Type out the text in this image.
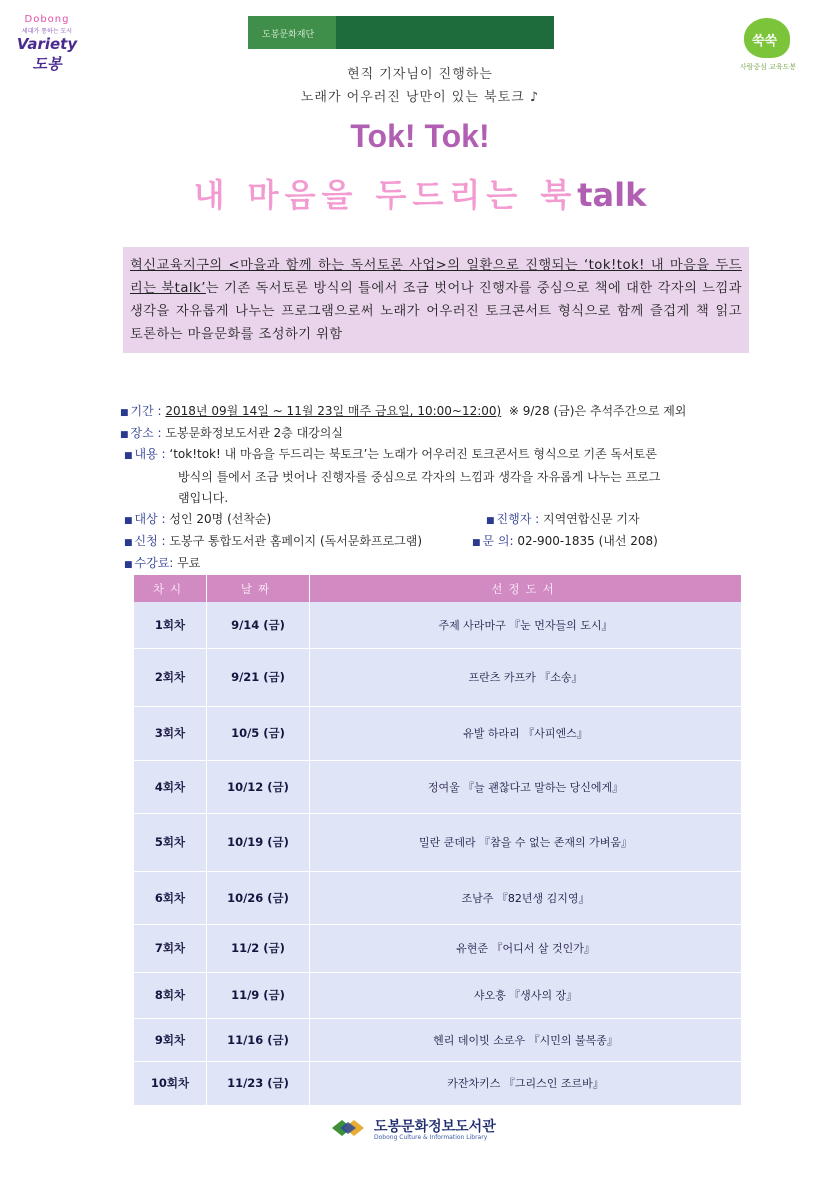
Dobong
세대가 통하는 도시
Variety 도봉
도봉문화재단	쑥쑥
사람중심 교육도봉
현직 기자님이 진행하는
노래가 어우러진 낭만이 있는 북토크 ♪
Tok! Tok!
내 마음을 두드리는 북talk
혁신교육지구의 <마을과 함께 하는 독서토론 사업>의 일환으로 진행되는 ‘tok!tok! 내 마음을 두드리는 북talk’는 기존 독서토론 방식의 틀에서 조금 벗어나 진행자를 중심으로 책에 대한 각자의 느낌과 생각을 자유롭게 나누는 프로그램으로써 노래가 어우러진 토크콘서트 형식으로 함께 즐겁게 책 읽고 토론하는 마을문화를 조성하기 위함
■ 기간 : 2018년 09월 14일 ~ 11월 23일 매주 금요일, 10:00~12:00) ※ 9/28 (금)은 추석주간으로 제외
■ 장소 : 도봉문화정보도서관 2층 대강의실
■ 내용 : ‘tok!tok! 내 마음을 두드리는 북토크’는 노래가 어우러진 토크콘서트 형식으로 기존 독서토론
방식의 틀에서 조금 벗어나 진행자를 중심으로 각자의 느낌과 생각을 자유롭게 나누는 프로그
램입니다.
■ 대상 : 성인 20명 (선착순)	■ 진행자 : 지역연합신문 기자
■ 신청 : 도봉구 통합도서관 홈페이지 (독서문화프로그램)	■ 문 의: 02-900-1835 (내선 208)
■ 수강료: 무료
차시	날짜	선정도서
1회차	9/14 (금)	주제 사라마구 『눈 먼자들의 도시』
2회차	9/21 (금)	프란츠 카프카 『소송』
3회차	10/5 (금)	유발 하라리 『사피엔스』
4회차	10/12 (금)	정여울 『늘 괜찮다고 말하는 당신에게』
5회차	10/19 (금)	밀란 쿤데라 『참을 수 없는 존재의 가벼움』
6회차	10/26 (금)	조남주 『82년생 김지영』
7회차	11/2 (금)	유현준 『어디서 살 것인가』
8회차	11/9 (금)	샤오훙 『생사의 장』
9회차	11/16 (금)	헨리 데이빗 소로우 『시민의 불복종』
10회차	11/23 (금)	카잔차키스 『그리스인 조르바』
도봉문화정보도서관
Dobong Culture & Information Library
